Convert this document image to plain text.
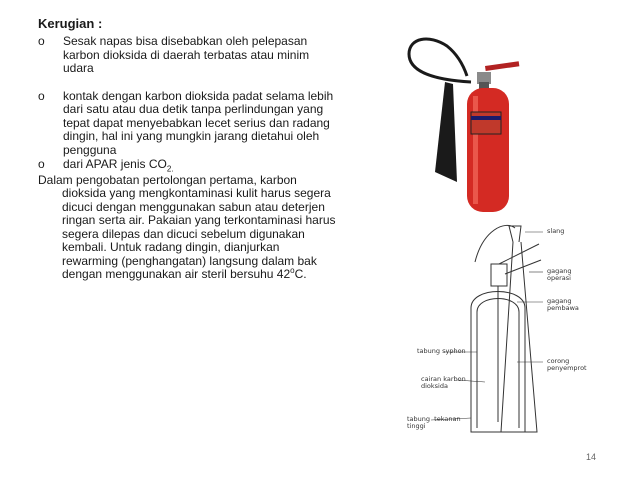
Kerugian :
o Sesak napas bisa disebabkan oleh pelepasan karbon dioksida di daerah terbatas atau minim udara
o kontak dengan karbon dioksida padat selama lebih dari satu atau dua detik tanpa perlindungan yang tepat dapat menyebabkan lecet serius dan radang dingin, hal ini yang mungkin jarang dietahui oleh pengguna
o dari APAR jenis $CO_{2.}$
Dalam pengobatan pertolongan pertama, karbon dioksida yang mengkontaminasi kulit harus segera dicuci dengan menggunakan sabun atau deterjen ringan serta air. Pakaian yang terkontaminasi harus segera dilepas dan dicuci sebelum digunakan kembali. Untuk radang dingin, dianjurkan rewarming (penghangatan) langsung dalam bak dengan menggunakan air steril bersuhu 42$^o$C.
slang
gagang
operasi
gagang
pembawa
tabung syphon
corong
penyemprot
cairan karbon
dioksida
tabung  tekanan
tinggi
14
